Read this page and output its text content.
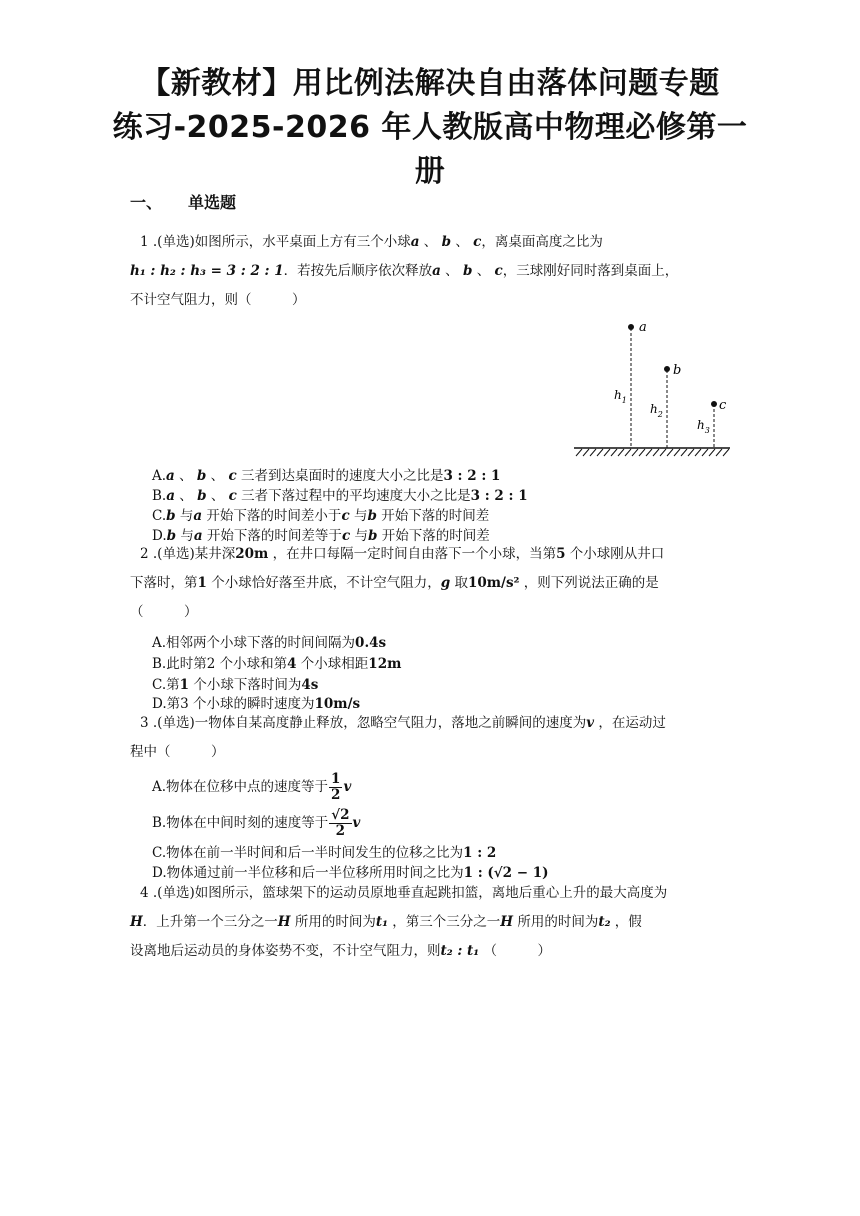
【新教材】用比例法解决自由落体问题专题
练习-2025-2026 年人教版高中物理必修第一
册
一、 单选题
1 .(单选)如图所示，水平桌面上方有三个小球a 、 b 、 c，离桌面高度之比为
h₁ : h₂ : h₃ = 3 : 2 : 1．若按先后顺序依次释放a 、 b 、 c，三球刚好同时落到桌面上，
不计空气阻力，则（　　　）
a
b
c
$h_1$
$h_2$
$h_3$
A.a 、 b 、 c 三者到达桌面时的速度大小之比是3 : 2 : 1
B.a 、 b 、 c 三者下落过程中的平均速度大小之比是3 : 2 : 1
C.b 与a 开始下落的时间差小于c 与b 开始下落的时间差
D.b 与a 开始下落的时间差等于c 与b 开始下落的时间差
2 .(单选)某井深20m ，在井口每隔一定时间自由落下一个小球，当第5 个小球刚从井口
下落时，第1 个小球恰好落至井底，不计空气阻力，g 取10m/s² ，则下列说法正确的是
（　　　）
A.相邻两个小球下落的时间间隔为0.4s
B.此时第2 个小球和第4 个小球相距12m
C.第1 个小球下落时间为4s
D.第3 个小球的瞬时速度为10m/s
3 .(单选)一物体自某高度静止释放，忽略空气阻力，落地之前瞬间的速度为v ，在运动过
程中（　　　）
A.物体在位移中点的速度等于 $\frac{1}{2}$ v
B.物体在中间时刻的速度等于 $\frac{√2}{2}$ v
C.物体在前一半时间和后一半时间发生的位移之比为1 : 2
D.物体通过前一半位移和后一半位移所用时间之比为1 : (√2 − 1)
4 .(单选)如图所示，篮球架下的运动员原地垂直起跳扣篮，离地后重心上升的最大高度为
H．上升第一个三分之一H 所用的时间为t₁ ，第三个三分之一H 所用的时间为t₂ ，假
设离地后运动员的身体姿势不变，不计空气阻力，则t₂ : t₁ （　　　）
